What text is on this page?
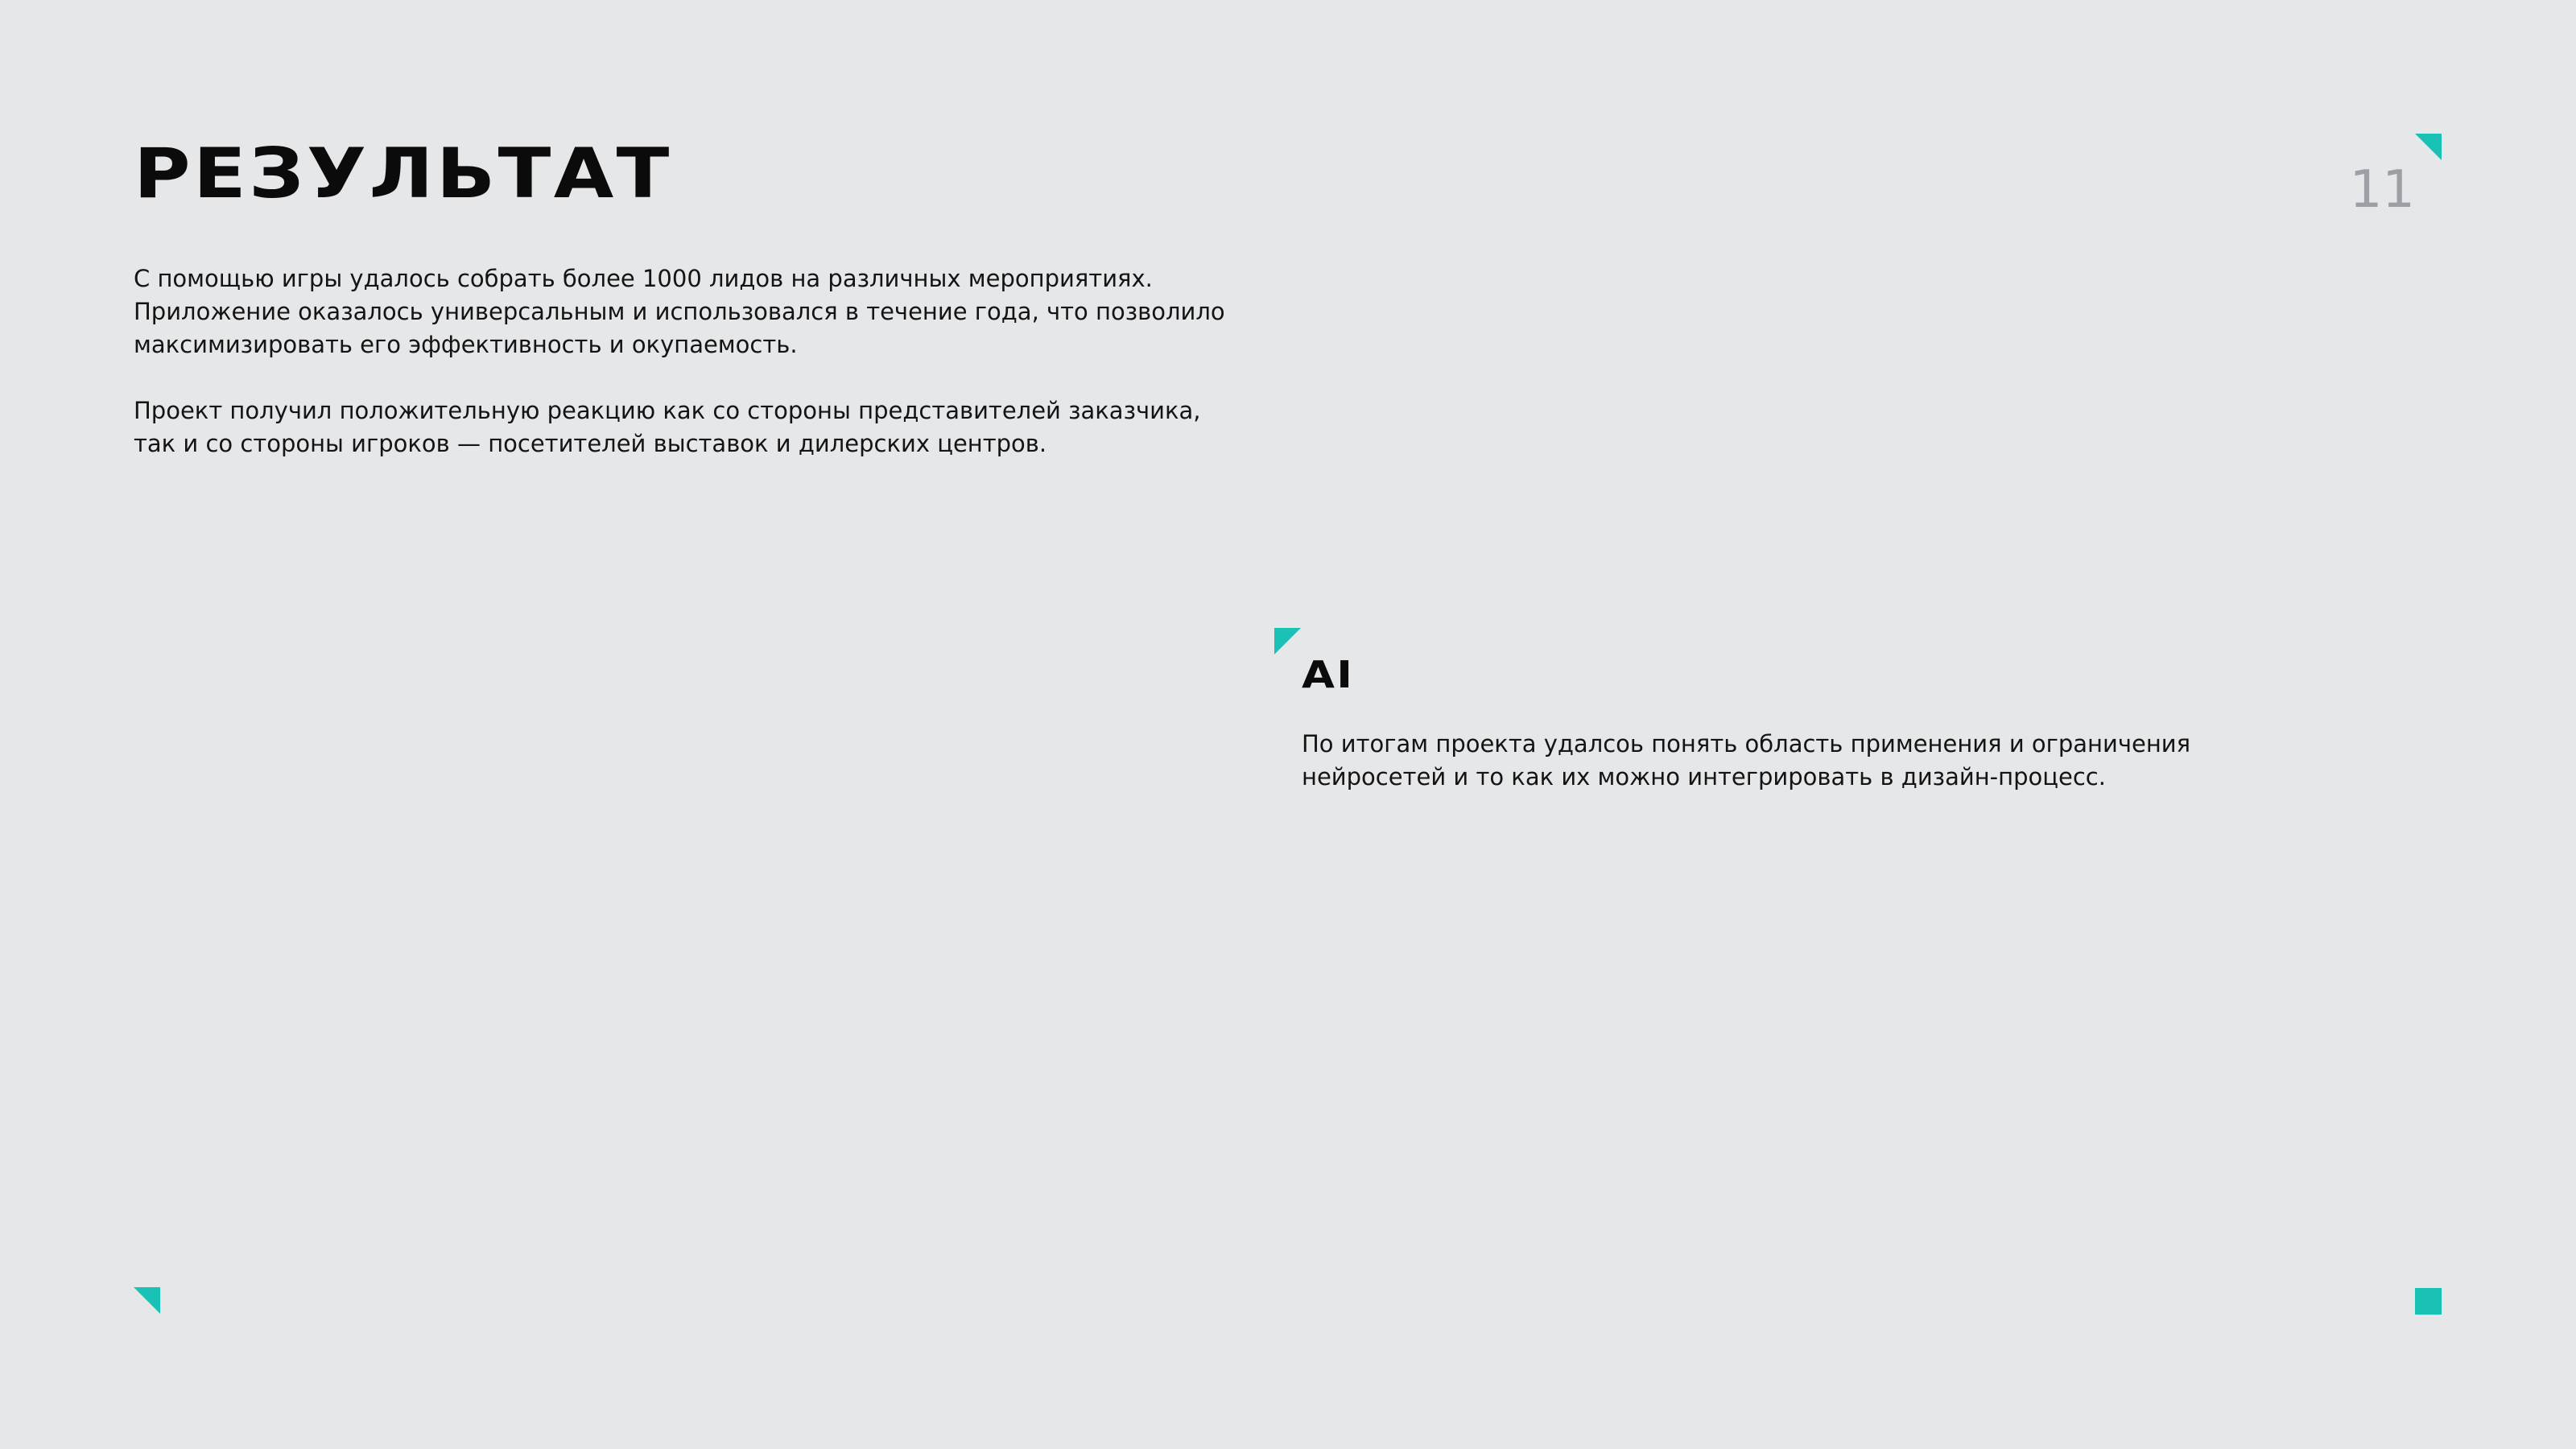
РЕЗУЛЬТАТ	11

С помощью игры удалось собрать более 1000 лидов на различных мероприятиях.
Приложение оказалось универсальным и использовался в течение года, что позволило
максимизировать его эффективность и окупаемость.

Проект получил положительную реакцию как со стороны представителей заказчика,
так и со стороны игроков — посетителей выставок и дилерских центров.

AI

По итогам проекта удалсоь понять область применения и ограничения
нейросетей и то как их можно интегрировать в дизайн-процесс.
